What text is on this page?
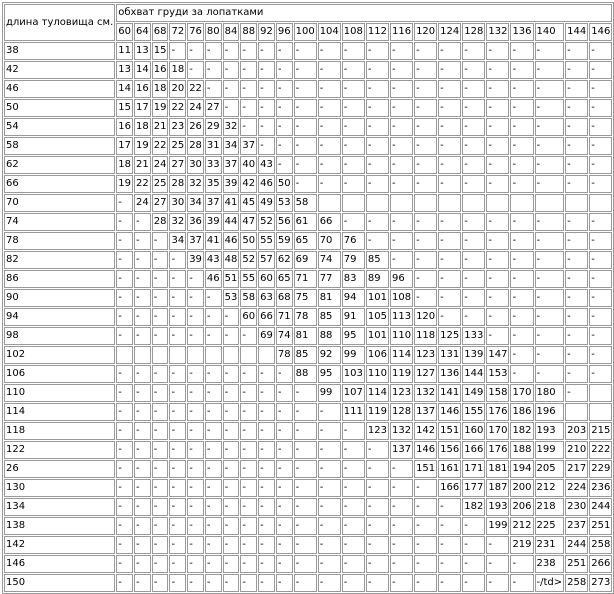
длина туловища см.	обхват груди за лопатками																						
	60	64	68	72	76	80	84	88	92	96	100	104	108	112	116	120	124	128	132	136	140	144	146
38	11	13	15	-	-	-	-	-	-	-	-	-	-	-	-	-	-	-	-	-	-	-	-
42	13	14	16	18	-	-	-	-	-	-	-	-	-	-	-	-	-	-	-	-	-	-	-
46	14	16	18	20	22	-	-	-	-	-	-	-	-	-	-	-	-	-	-	-	-	-	-
50	15	17	19	22	24	27	-	-	-	-	-	-	-	-	-	-	-	-	-	-	-	-	-
54	16	18	21	23	26	29	32	-	-	-	-	-	-	-	-	-	-	-	-	-	-	-	-
58	17	19	22	25	28	31	34	37	-	-	-	-	-	-	-	-	-	-	-	-	-	-	-
62	18	21	24	27	30	33	37	40	43	-	-	-	-	-	-	-	-	-	-	-	-	-	-
66	19	22	25	28	32	35	39	42	46	50	-	-	-	-	-	-	-	-	-	-	-	-	-
70	-	24	27	30	34	37	41	45	49	53	58												
74	-	-	28	32	36	39	44	47	52	56	61	66	-	-	-	-	-	-	-	-	-	-	-
78	-	-	-	34	37	41	46	50	55	59	65	70	76	-	-	-	-	-	-	-	-	-	-
82	-	-	-	-	39	43	48	52	57	62	69	74	79	85	-	-	-	-	-	-	-	-	-
86	-	-	-	-	-	46	51	55	60	65	71	77	83	89	96	-	-	-	-	-	-	-	-
90	-	-	-	-	-	-	53	58	63	68	75	81	94	101	108	-	-	-	-	-	-	-	-
94	-	-	-	-	-	-	-	60	66	71	78	85	91	105	113	120	-	-	-	-	-	-	-
98	-	-	-	-	-	-	-	-	69	74	81	88	95	101	110	118	125	133	-	-	-	-	-
102										78	85	92	99	106	114	123	131	139	147	-	-	-	-
106	-	-	-	-	-	-	-	-	-	-	88	95	103	110	119	127	136	144	153	-	-	-	-
110	-	-	-	-	-	-	-	-	-	-	-	99	107	114	123	132	141	149	158	170	180	-	
114	-	-	-	-	-	-	-	-	-	-	-	-	111	119	128	137	146	155	176	186	196		
118	-	-	-	-	-	-	-	-	-	-	-	-	-	123	132	142	151	160	170	182	193	203	215
122	-	-	-	-	-	-	-	-	-	-	-	-	-	-	137	146	156	166	176	188	199	210	222
26	-	-	-	-	-	-	-	-	-	-	-	-	-	-	-	151	161	171	181	194	205	217	229
130	-	-	-	-	-	-	-	-	-	-	-	-	-	-	-	-	166	177	187	200	212	224	236
134	-	-	-	-	-	-	-	-	-	-	-	-	-	-	-	-	-	182	193	206	218	230	244
138	-	-	-	-	-	-	-	-	-	-	-	-	-	-	-	-	-	-	199	212	225	237	251
142	-	-	-	-	-	-	-	-	-	-	-	-	-	-	-	-	-	-	-	219	231	244	258
146	-	-	-	-	-	-	-	-	-	-	-	-	-	-	-	-	-	-	-	-	238	251	266
150	-	-	-	-	-	-	-	-	-	-	-	-	-	-	-	-	-	-	-	-	-/td>	258	273
